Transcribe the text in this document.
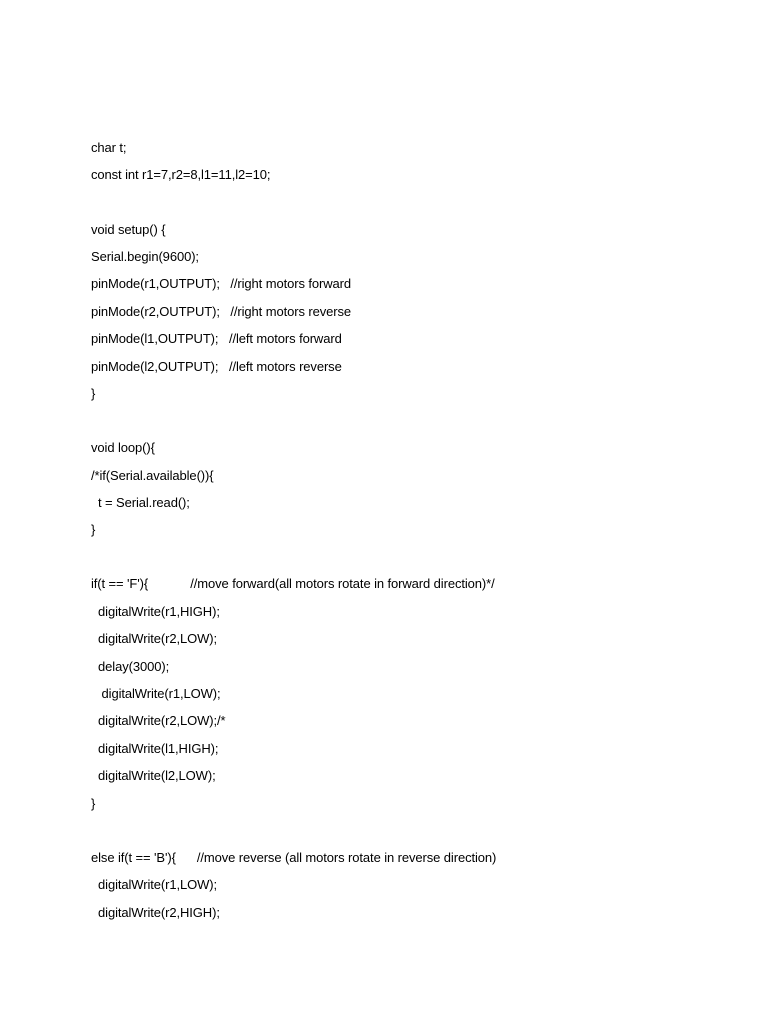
char t;
const int r1=7,r2=8,l1=11,l2=10;
void setup() {
Serial.begin(9600);
pinMode(r1,OUTPUT);   //right motors forward
pinMode(r2,OUTPUT);   //right motors reverse
pinMode(l1,OUTPUT);   //left motors forward
pinMode(l2,OUTPUT);   //left motors reverse
}
void loop(){
/*if(Serial.available()){
t = Serial.read();
}
if(t == 'F'){            //move forward(all motors rotate in forward direction)*/
digitalWrite(r1,HIGH);
digitalWrite(r2,LOW);
delay(3000);
digitalWrite(r1,LOW);
digitalWrite(r2,LOW);/*
digitalWrite(l1,HIGH);
digitalWrite(l2,LOW);
}
else if(t == 'B'){      //move reverse (all motors rotate in reverse direction)
digitalWrite(r1,LOW);
digitalWrite(r2,HIGH);
